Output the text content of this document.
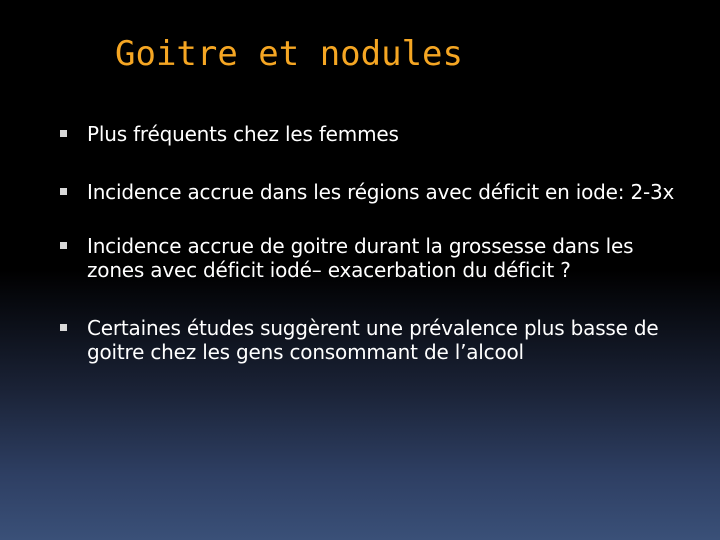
Goitre et nodules
Plus fréquents chez les femmes
Incidence accrue dans les régions avec déficit en iode: 2-3x
Incidence accrue de goitre durant la grossesse dans les zones avec déficit iodé– exacerbation du déficit ?
Certaines études suggèrent une prévalence plus basse de goitre chez les gens consommant de l’alcool
